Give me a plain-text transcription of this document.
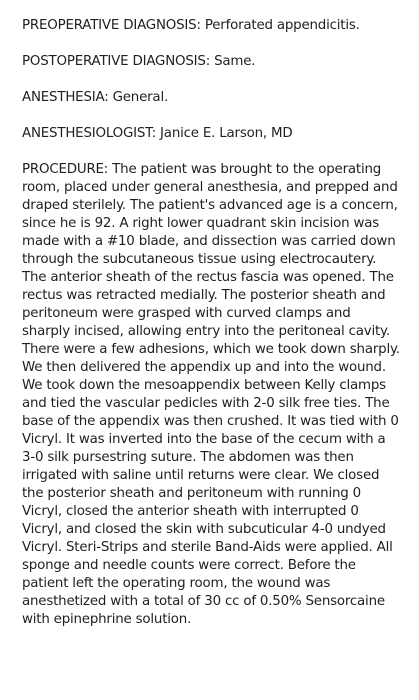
PREOPERATIVE DIAGNOSIS: Perforated appendicitis.

POSTOPERATIVE DIAGNOSIS: Same.

ANESTHESIA: General.

ANESTHESIOLOGIST: Janice E. Larson, MD

PROCEDURE: The patient was brought to the operating room, placed under general anesthesia, and prepped and draped sterilely. The patient's advanced age is a concern, since he is 92. A right lower quadrant skin incision was made with a #10 blade, and dissection was carried down through the subcutaneous tissue using electrocautery. The anterior sheath of the rectus fascia was opened. The rectus was retracted medially. The posterior sheath and peritoneum were grasped with curved clamps and sharply incised, allowing entry into the peritoneal cavity. There were a few adhesions, which we took down sharply. We then delivered the appendix up and into the wound. We took down the mesoappendix between Kelly clamps and tied the vascular pedicles with 2-0 silk free ties. The base of the appendix was then crushed. It was tied with 0 Vicryl. It was inverted into the base of the cecum with a 3-0 silk pursestring suture. The abdomen was then irrigated with saline until returns were clear. We closed the posterior sheath and peritoneum with running 0 Vicryl, closed the anterior sheath with interrupted 0 Vicryl, and closed the skin with subcuticular 4-0 undyed Vicryl. Steri-Strips and sterile Band-Aids were applied. All sponge and needle counts were correct. Before the patient left the operating room, the wound was anesthetized with a total of 30 cc of 0.50% Sensorcaine with epinephrine solution.
